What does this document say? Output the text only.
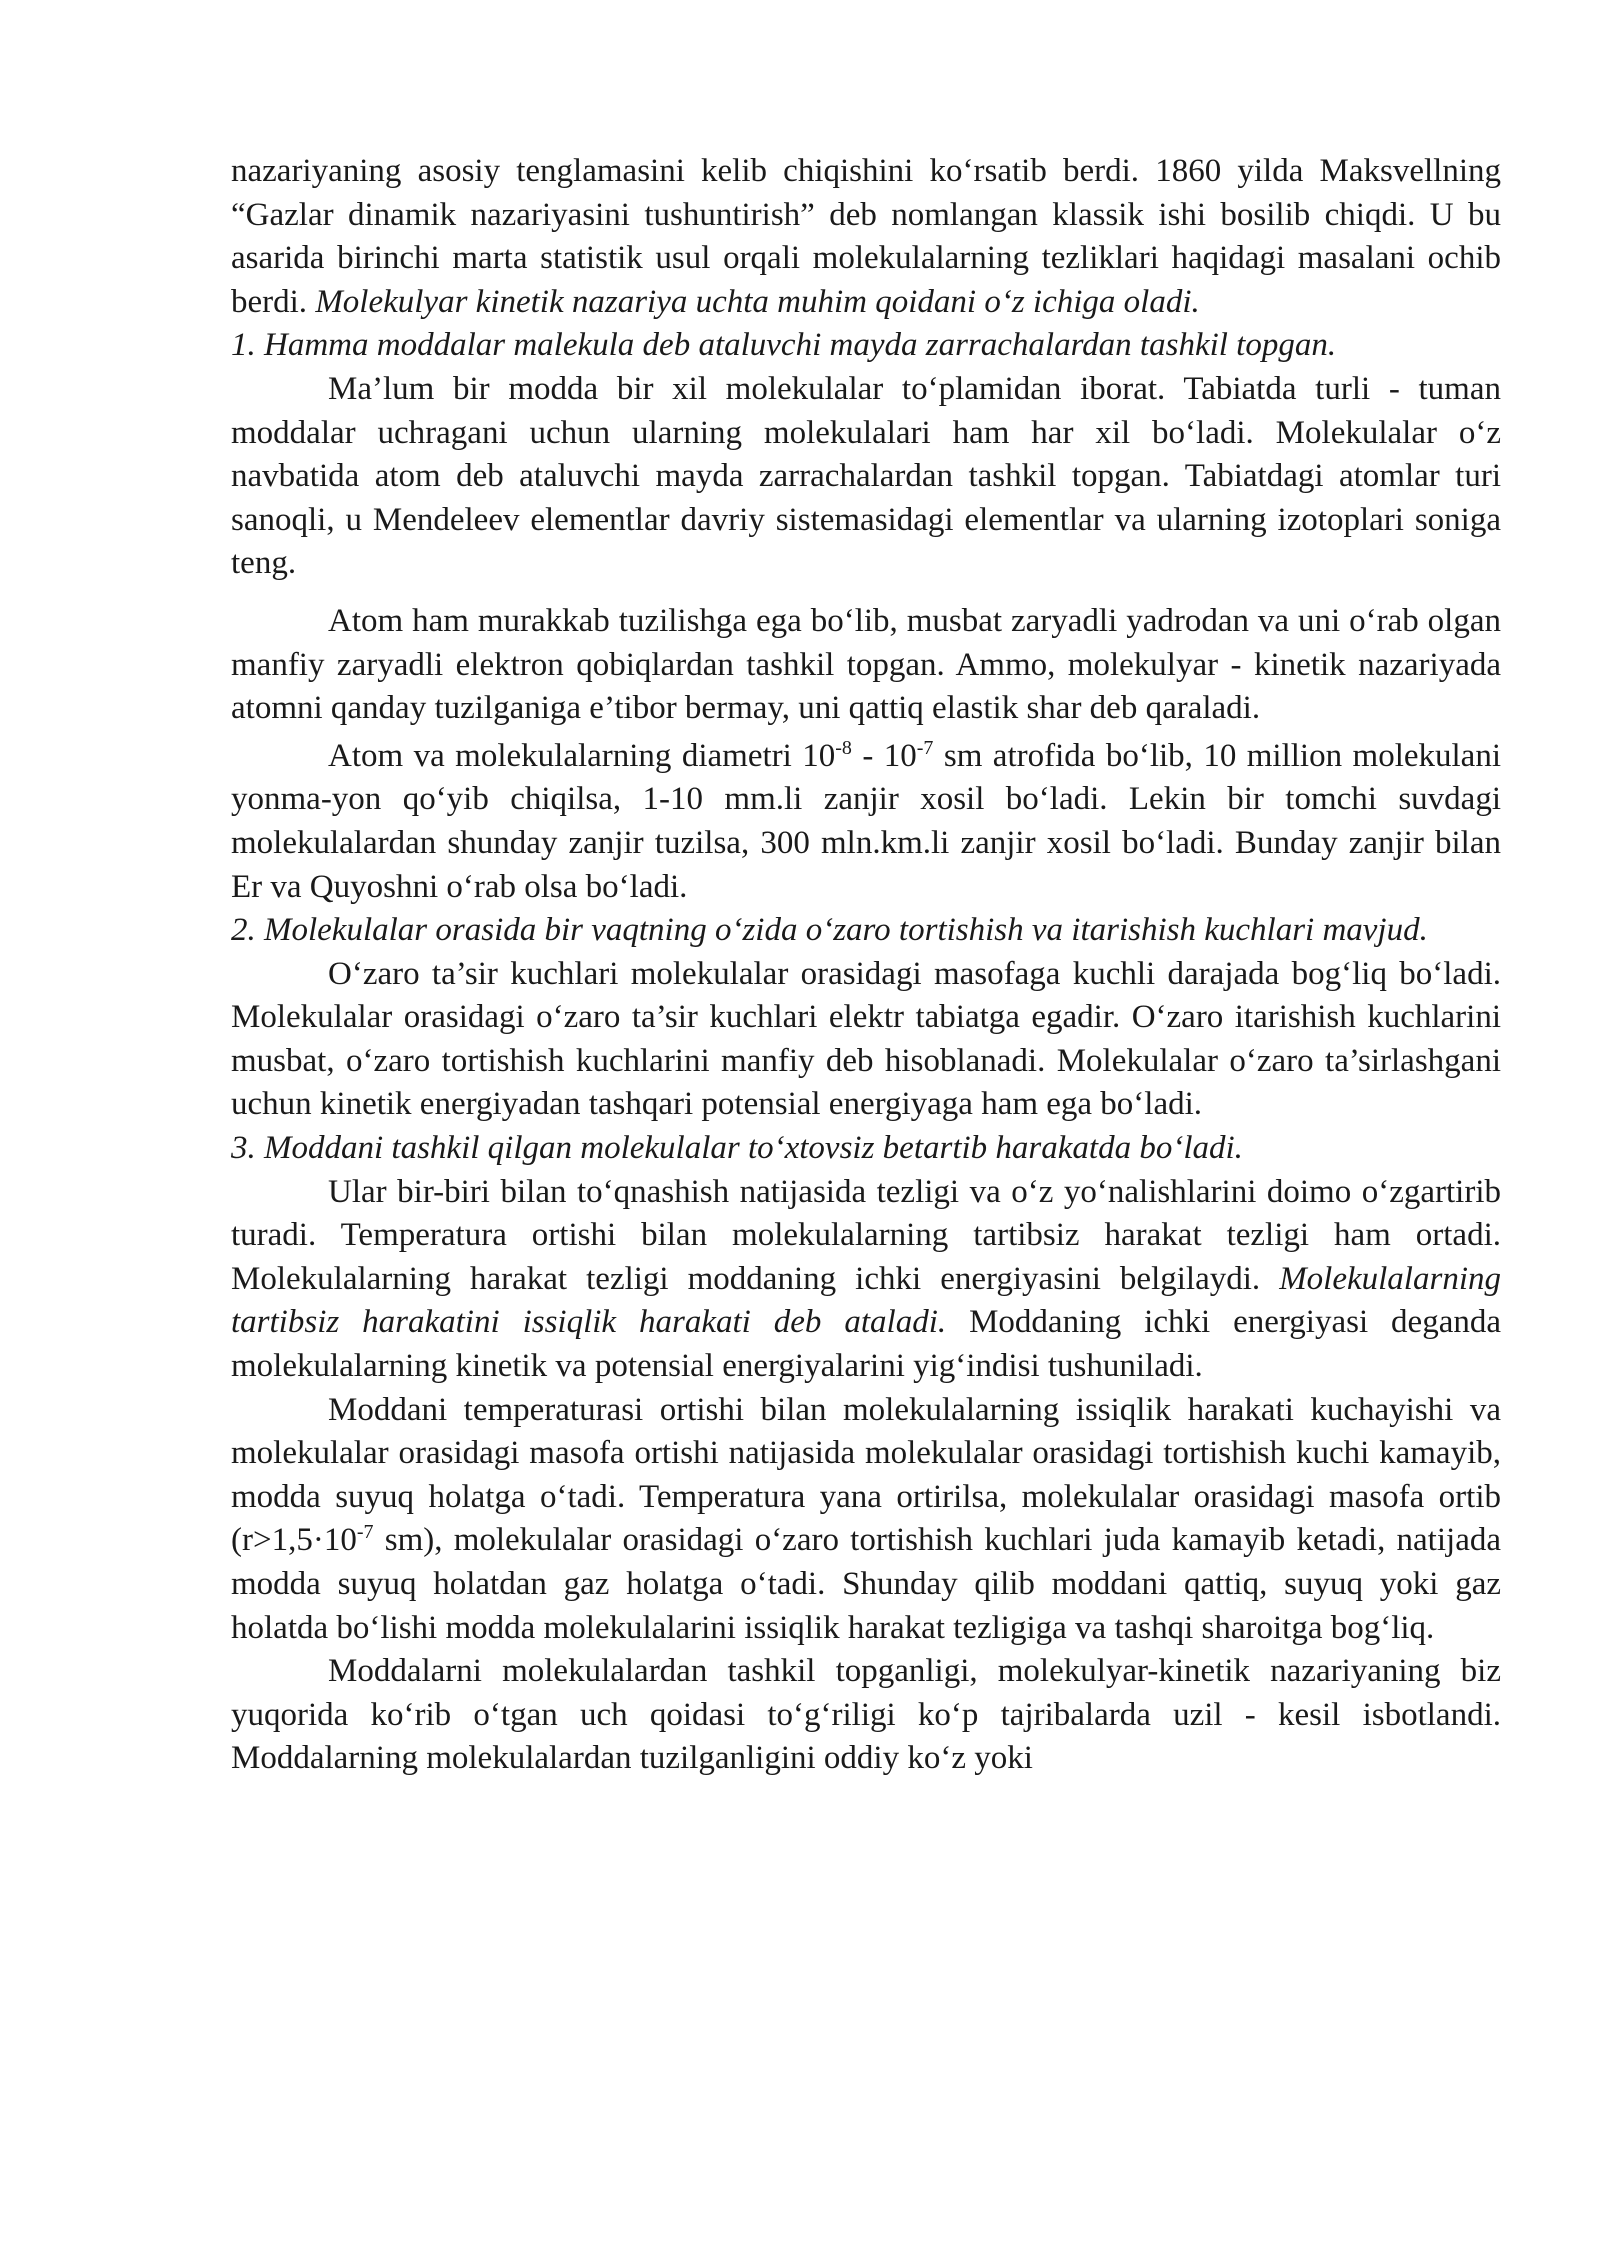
nazariyaning asosiy tenglamasini kelib chiqishini ko‘rsatib berdi. 1860 yilda Maksvellning “Gazlar dinamik nazariyasini tushuntirish” deb nomlangan klassik ishi bosilib chiqdi. U bu asarida birinchi marta statistik usul orqali molekulalarning tezliklari haqidagi masalani ochib berdi. Molekulyar kinetik nazariya uchta muhim qoidani o‘z ichiga oladi.

1. Hamma moddalar malekula deb ataluvchi mayda zarrachalardan tashkil topgan.

Ma’lum bir modda bir xil molekulalar to‘plamidan iborat. Tabiatda turli - tuman moddalar uchragani uchun ularning molekulalari ham har xil bo‘ladi. Molekulalar o‘z navbatida atom deb ataluvchi mayda zarrachalardan tashkil topgan. Tabiatdagi atomlar turi sanoqli, u Mendeleev elementlar davriy sistemasidagi elementlar va ularning izotoplari soniga teng.

Atom ham murakkab tuzilishga ega bo‘lib, musbat zaryadli yadrodan va uni o‘rab olgan manfiy zaryadli elektron qobiqlardan tashkil topgan. Ammo, molekulyar - kinetik nazariyada atomni qanday tuzilganiga e’tibor bermay, uni qattiq elastik shar deb qaraladi.

Atom va molekulalarning diametri $10^{-8} - 10^{-7}$ sm atrofida bo‘lib, 10 million molekulani yonma-yon qo‘yib chiqilsa, 1-10 mm.li zanjir xosil bo‘ladi. Lekin bir tomchi suvdagi molekulalardan shunday zanjir tuzilsa, 300 mln.km.li zanjir xosil bo‘ladi. Bunday zanjir bilan Er va Quyoshni o‘rab olsa bo‘ladi.

2. Molekulalar orasida bir vaqtning o‘zida o‘zaro tortishish va itarishish kuchlari mavjud.

O‘zaro ta’sir kuchlari molekulalar orasidagi masofaga kuchli darajada bog‘liq bo‘ladi. Molekulalar orasidagi o‘zaro ta’sir kuchlari elektr tabiatga egadir. O‘zaro itarishish kuchlarini musbat, o‘zaro tortishish kuchlarini manfiy deb hisoblanadi. Molekulalar o‘zaro ta’sirlashgani uchun kinetik energiyadan tashqari potensial energiyaga ham ega bo‘ladi.

3. Moddani tashkil qilgan molekulalar to‘xtovsiz betartib harakatda bo‘ladi.

Ular bir-biri bilan to‘qnashish natijasida tezligi va o‘z yo‘nalishlarini doimo o‘zgartirib turadi. Temperatura ortishi bilan molekulalarning tartibsiz harakat tezligi ham ortadi. Molekulalarning harakat tezligi moddaning ichki energiyasini belgilaydi. Molekulalarning tartibsiz harakatini issiqlik harakati deb ataladi. Moddaning ichki energiyasi deganda molekulalarning kinetik va potensial energiyalarini yig‘indisi tushuniladi.

Moddani temperaturasi ortishi bilan molekulalarning issiqlik harakati kuchayishi va molekulalar orasidagi masofa ortishi natijasida molekulalar orasidagi tortishish kuchi kamayib, modda suyuq holatga o‘tadi. Temperatura yana ortirilsa, molekulalar orasidagi masofa ortib ($r>1,5\cdot 10^{-7}$ sm), molekulalar orasidagi o‘zaro tortishish kuchlari juda kamayib ketadi, natijada modda suyuq holatdan gaz holatga o‘tadi. Shunday qilib moddani qattiq, suyuq yoki gaz holatda bo‘lishi modda molekulalarini issiqlik harakat tezligiga va tashqi sharoitga bog‘liq.

Moddalarni molekulalardan tashkil topganligi, molekulyar-kinetik nazariyaning biz yuqorida ko‘rib o‘tgan uch qoidasi to‘g‘riligi ko‘p tajribalarda uzil - kesil isbotlandi. Moddalarning molekulalardan tuzilganligini oddiy ko‘z yoki
